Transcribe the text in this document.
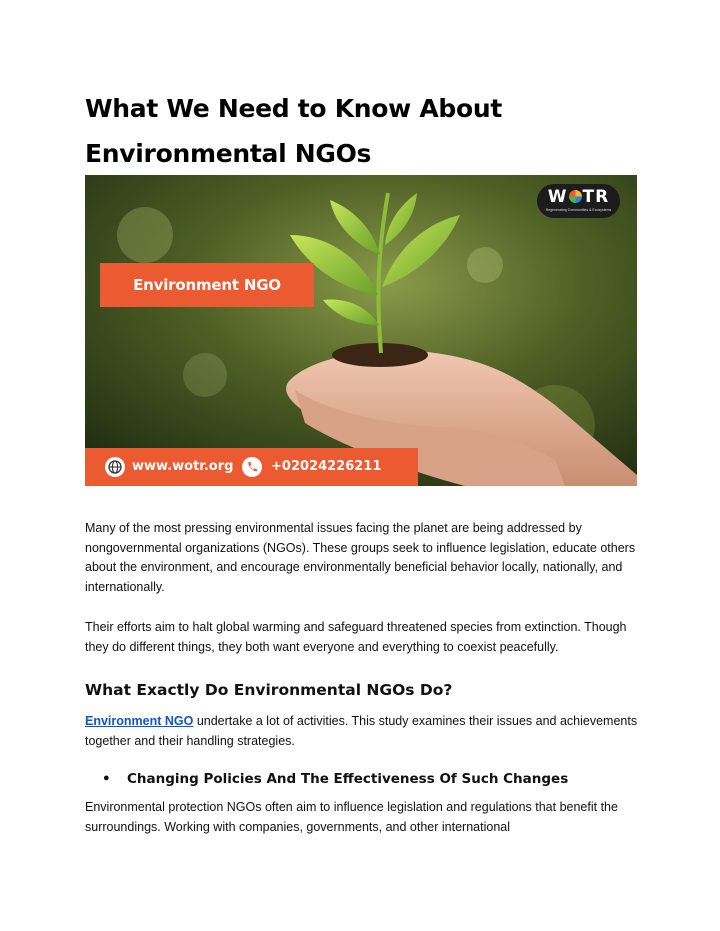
What We Need to Know About Environmental NGOs
Environment NGO
W TR
Regenerating Communities & Ecosystems
www.wotr.org	+02024226211

Many of the most pressing environmental issues facing the planet are being addressed by nongovernmental organizations (NGOs). These groups seek to influence legislation, educate others about the environment, and encourage environmentally beneficial behavior locally, nationally, and internationally.

Their efforts aim to halt global warming and safeguard threatened species from extinction. Though they do different things, they both want everyone and everything to coexist peacefully.

What Exactly Do Environmental NGOs Do?

Environment NGO undertake a lot of activities. This study examines their issues and achievements together and their handling strategies.

● Changing Policies And The Effectiveness Of Such Changes

Environmental protection NGOs often aim to influence legislation and regulations that benefit the surroundings. Working with companies, governments, and other international
